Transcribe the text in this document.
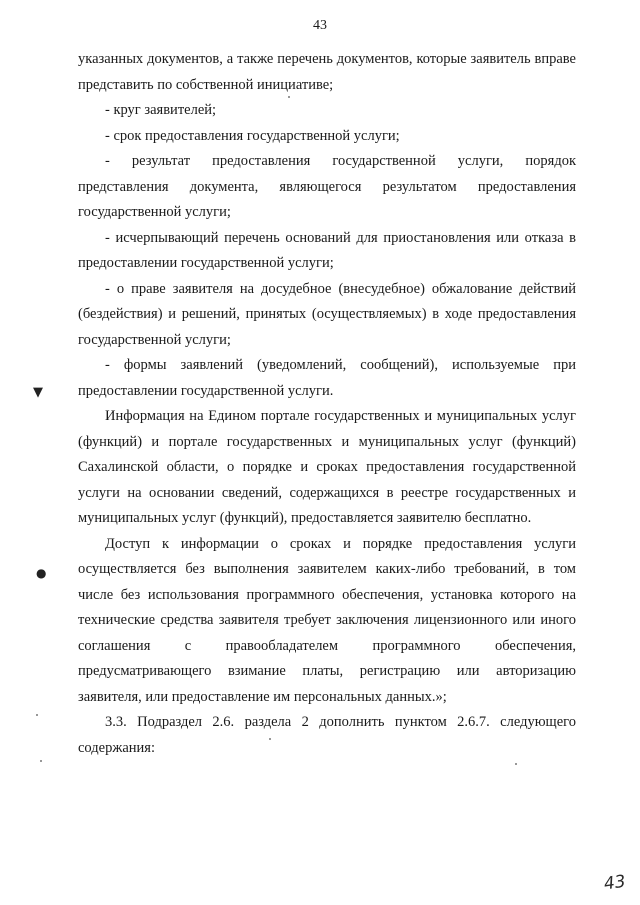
43

указанных документов, а также перечень документов, которые заявитель вправе представить по собственной инициативе;

- круг заявителей;

- срок предоставления государственной услуги;

- результат предоставления государственной услуги, порядок представления документа, являющегося результатом предоставления государственной услуги;

- исчерпывающий перечень оснований для приостановления или отказа в предоставлении государственной услуги;

- о праве заявителя на досудебное (внесудебное) обжалование действий (бездействия) и решений, принятых (осуществляемых) в ходе предоставления государственной услуги;

- формы заявлений (уведомлений, сообщений), используемые при предоставлении государственной услуги.

Информация на Едином портале государственных и муниципальных услуг (функций) и портале государственных и муниципальных услуг (функций) Сахалинской области, о порядке и сроках предоставления государственной услуги на основании сведений, содержащихся в реестре государственных и муниципальных услуг (функций), предоставляется заявителю бесплатно.

Доступ к информации о сроках и порядке предоставления услуги осуществляется без выполнения заявителем каких-либо требований, в том числе без использования программного обеспечения, установка которого на технические средства заявителя требует заключения лицензионного или иного соглашения с правообладателем программного обеспечения, предусматривающего взимание платы, регистрацию или авторизацию заявителя, или предоставление им персональных данных.»;

3.3. Подраздел 2.6. раздела 2 дополнить пунктом 2.6.7. следующего содержания:

▼
●
43
